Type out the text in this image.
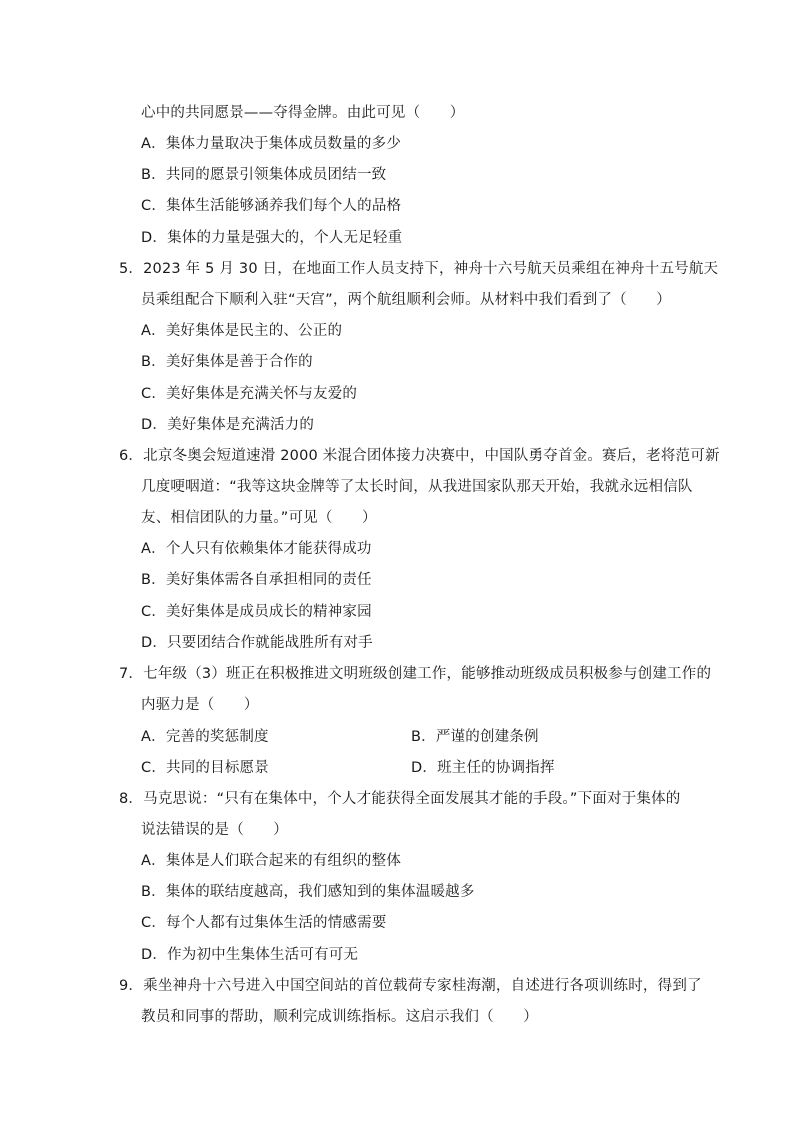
心中的共同愿景——夺得金牌。由此可见（　　）
A．集体力量取决于集体成员数量的多少
B．共同的愿景引领集体成员团结一致
C．集体生活能够涵养我们每个人的品格
D．集体的力量是强大的，个人无足轻重
5．2023 年 5 月 30 日，在地面工作人员支持下，神舟十六号航天员乘组在神舟十五号航天
员乘组配合下顺利入驻“天宫”，两个航组顺利会师。从材料中我们看到了（　　）
A．美好集体是民主的、公正的
B．美好集体是善于合作的
C．美好集体是充满关怀与友爱的
D．美好集体是充满活力的
6．北京冬奥会短道速滑 2000 米混合团体接力决赛中，中国队勇夺首金。赛后，老将范可新
几度哽咽道：“我等这块金牌等了太长时间，从我进国家队那天开始，我就永远相信队
友、相信团队的力量。”可见（　　）
A．个人只有依赖集体才能获得成功
B．美好集体需各自承担相同的责任
C．美好集体是成员成长的精神家园
D．只要团结合作就能战胜所有对手
7．七年级（3）班正在积极推进文明班级创建工作，能够推动班级成员积极参与创建工作的
内驱力是（　　）
A．完善的奖惩制度	B．严谨的创建条例
C．共同的目标愿景	D．班主任的协调指挥
8．马克思说：“只有在集体中，个人才能获得全面发展其才能的手段。”下面对于集体的
说法错误的是（　　）
A．集体是人们联合起来的有组织的整体
B．集体的联结度越高，我们感知到的集体温暖越多
C．每个人都有过集体生活的情感需要
D．作为初中生集体生活可有可无
9．乘坐神舟十六号进入中国空间站的首位载荷专家桂海潮，自述进行各项训练时，得到了
教员和同事的帮助，顺利完成训练指标。这启示我们（　　）
